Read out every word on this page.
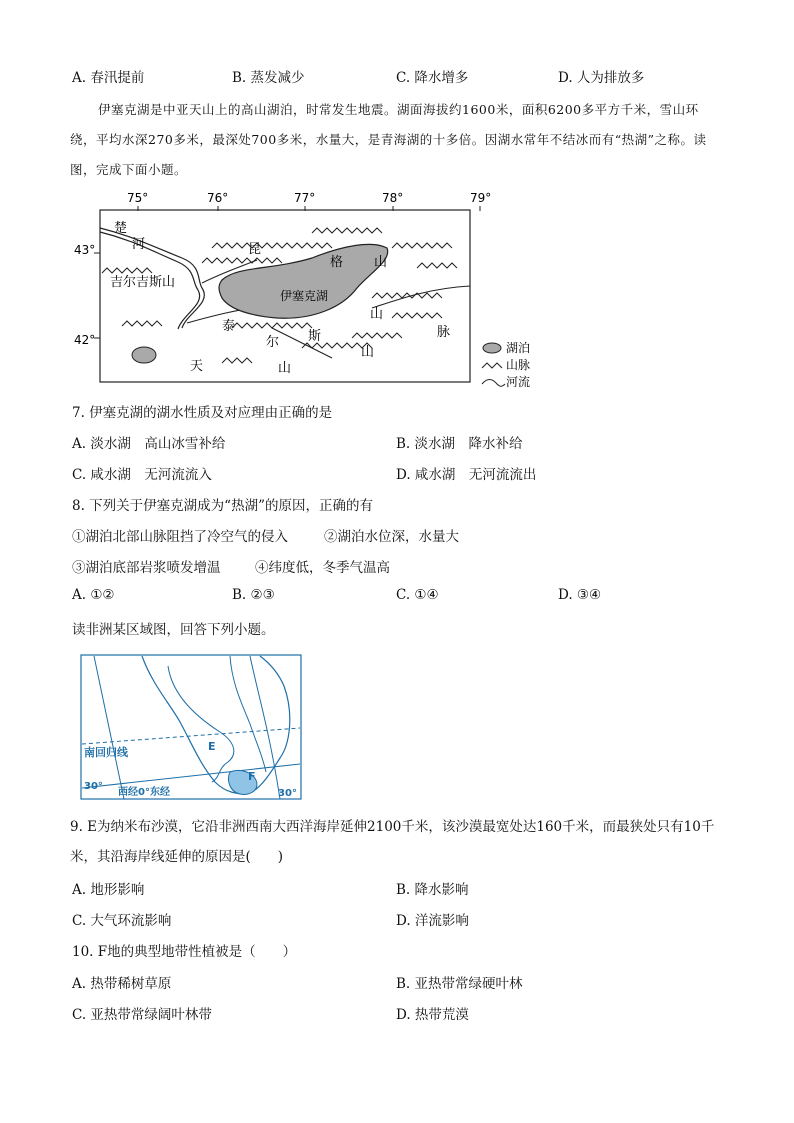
A. 春汛提前	B. 蒸发减少	C. 降水增多	D. 人为排放多
伊塞克湖是中亚天山上的高山湖泊，时常发生地震。湖面海拔约1600米，面积6200多平方千米，雪山环绕，平均水深270多米，最深处700多米，水量大，是青海湖的十多倍。因湖水常年不结冰而有“热湖”之称。读图，完成下面小题。
75°	76°	77°	78°	79°
43°
42°
楚
河
吉尔吉斯山
昆
格 山
伊塞克湖
山
脉
泰
斯
尔
山
天	山
湖泊
山脉
河流
7. 伊塞克湖的湖水性质及对应理由正确的是
A. 淡水湖　高山冰雪补给	B. 淡水湖　降水补给
C. 咸水湖　无河流流入	D. 咸水湖　无河流流出
8. 下列关于伊塞克湖成为“热湖”的原因，正确的有
①湖泊北部山脉阻挡了冷空气的侵入	②湖泊水位深，水量大
③湖泊底部岩浆喷发增温	④纬度低，冬季气温高
A. ①②	B. ②③	C. ①④	D. ③④
读非洲某区域图，回答下列小题。
南回归线
30°
西经0°东经	30°
E
F
9. E为纳米布沙漠，它沿非洲西南大西洋海岸延伸2100千米，该沙漠最宽处达160千米，而最狭处只有10千米，其沿海岸线延伸的原因是(　　)
A. 地形影响	B. 降水影响
C. 大气环流影响	D. 洋流影响
10. F地的典型地带性植被是（　　）
A. 热带稀树草原	B. 亚热带常绿硬叶林
C. 亚热带常绿阔叶林带	D. 热带荒漠
